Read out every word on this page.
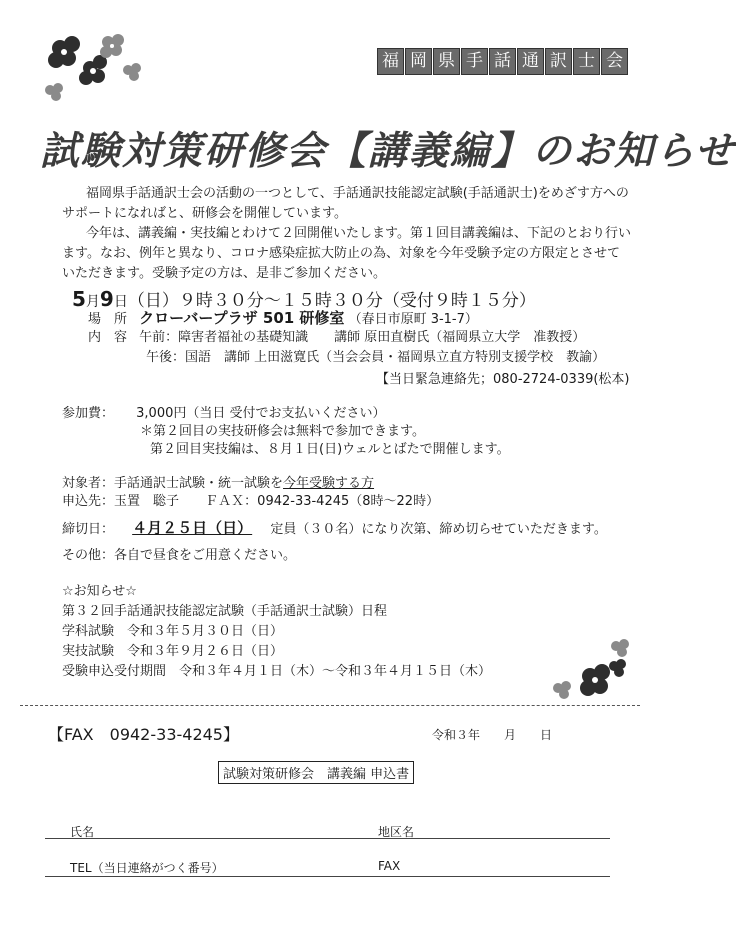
福 岡 県 手 話 通 訳 士 会
試験対策研修会【講義編】のお知らせ
福岡県手話通訳士会の活動の一つとして、手話通訳技能認定試験(手話通訳士)をめざす方への
サポートになればと、研修会を開催しています。
今年は、講義編・実技編とわけて２回開催いたします。第１回目講義編は、下記のとおり行い
ます。なお、例年と異なり、コロナ感染症拡大防止の為、対象を今年受験予定の方限定とさせて
いただきます。受験予定の方は、是非ご参加ください。
5月9日（日）９時３０分～１５時３０分（受付９時１５分）
場　所 クローバープラザ 501 研修室 （春日市原町 3-1-7）
内　容 午前：障害者福祉の基礎知識　　講師 原田直樹氏（福岡県立大学　准教授）
午後：国語　講師 上田滋寛氏（当会会員・福岡県立直方特別支援学校　教諭）
【当日緊急連絡先；080-2724-0339(松本)
参加費： 3,000円（当日 受付でお支払いください）
＊第２回目の実技研修会は無料で参加できます。
第２回目実技編は、８月１日(日)ウェルとばたで開催します。
対象者：手話通訳士試験・統一試験を今年受験する方
申込先：玉置　聡子 ＦＡＸ：0942-33-4245（8時～22時）
締切日： ４月２５日（日） 定員（３０名）になり次第、締め切らせていただきます。
その他：各自で昼食をご用意ください。
☆お知らせ☆
第３２回手話通訳技能認定試験（手話通訳士試験）日程
学科試験　令和３年５月３０日（日）
実技試験　令和３年９月２６日（日）
受験申込受付期間　令和３年４月１日（木）～令和３年４月１５日（木）
【FAX　0942-33-4245】	令和３年　　月　　日
試験対策研修会　講義編 申込書
氏名	地区名
TEL（当日連絡がつく番号）	FAX
